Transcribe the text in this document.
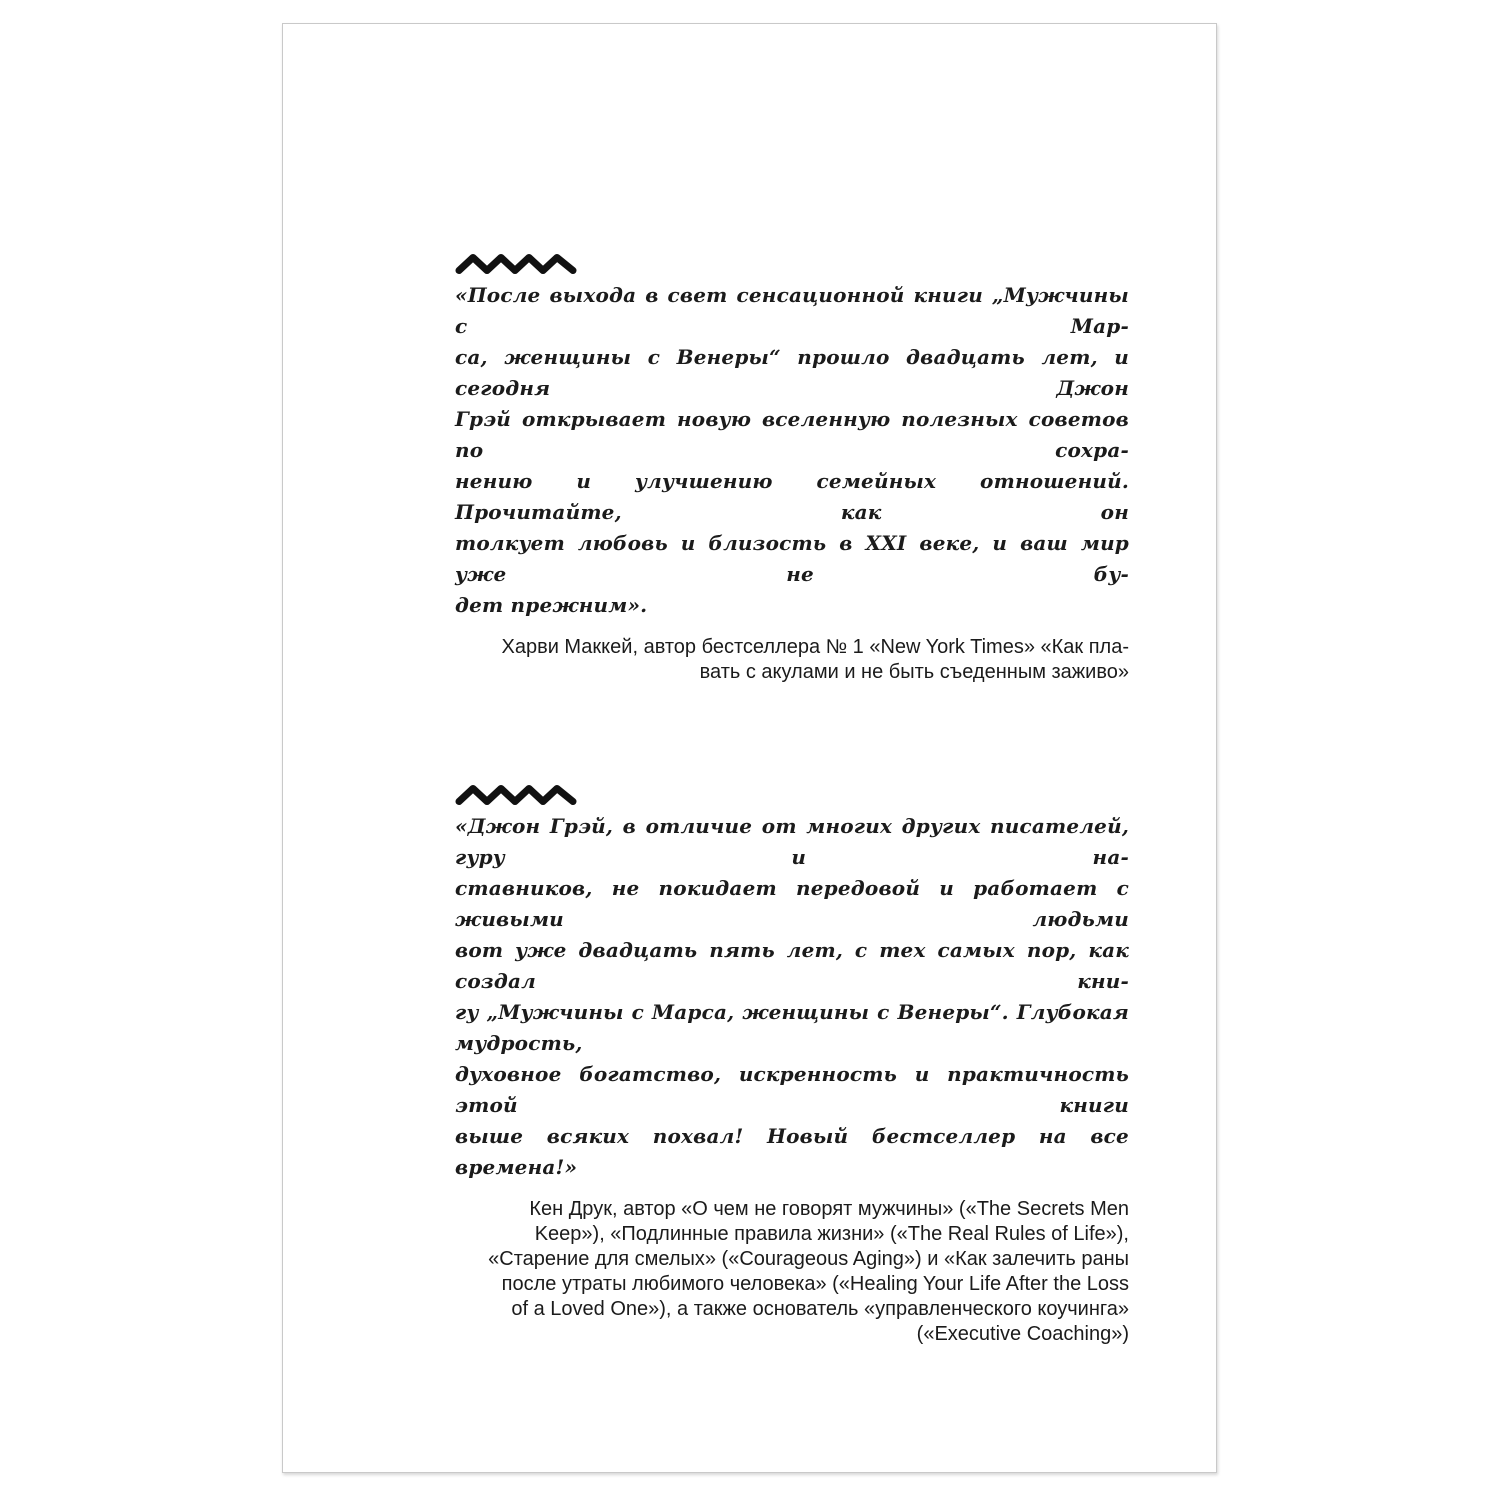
«После выхода в свет сенсационной книги „Мужчины с Мар-
са, женщины с Венеры“ прошло двадцать лет, и сегодня Джон
Грэй открывает новую вселенную полезных советов по сохра-
нению и улучшению семейных отношений. Прочитайте, как он
толкует любовь и близость в XXI веке, и ваш мир уже не бу-
дет прежним».
Харви Маккей, автор бестселлера № 1 «New York Times» «Как пла-
вать с акулами и не быть съеденным заживо»
«Джон Грэй, в отличие от многих других писателей, гуру и на-
ставников, не покидает передовой и работает с живыми людьми
вот уже двадцать пять лет, с тех самых пор, как создал кни-
гу „Мужчины с Марса, женщины с Венеры“. Глубокая мудрость,
духовное богатство, искренность и практичность этой книги
выше всяких похвал! Новый бестселлер на все времена!»
Кен Друк, автор «О чем не говорят мужчины» («The Secrets Men
Keep»), «Подлинные правила жизни» («The Real Rules of Life»),
«Старение для смелых» («Courageous Aging») и «Как залечить раны
после утраты любимого человека» («Healing Your Life After the Loss
of a Loved One»), а также основатель «управленческого коучинга»
(«Executive Coaching»)
